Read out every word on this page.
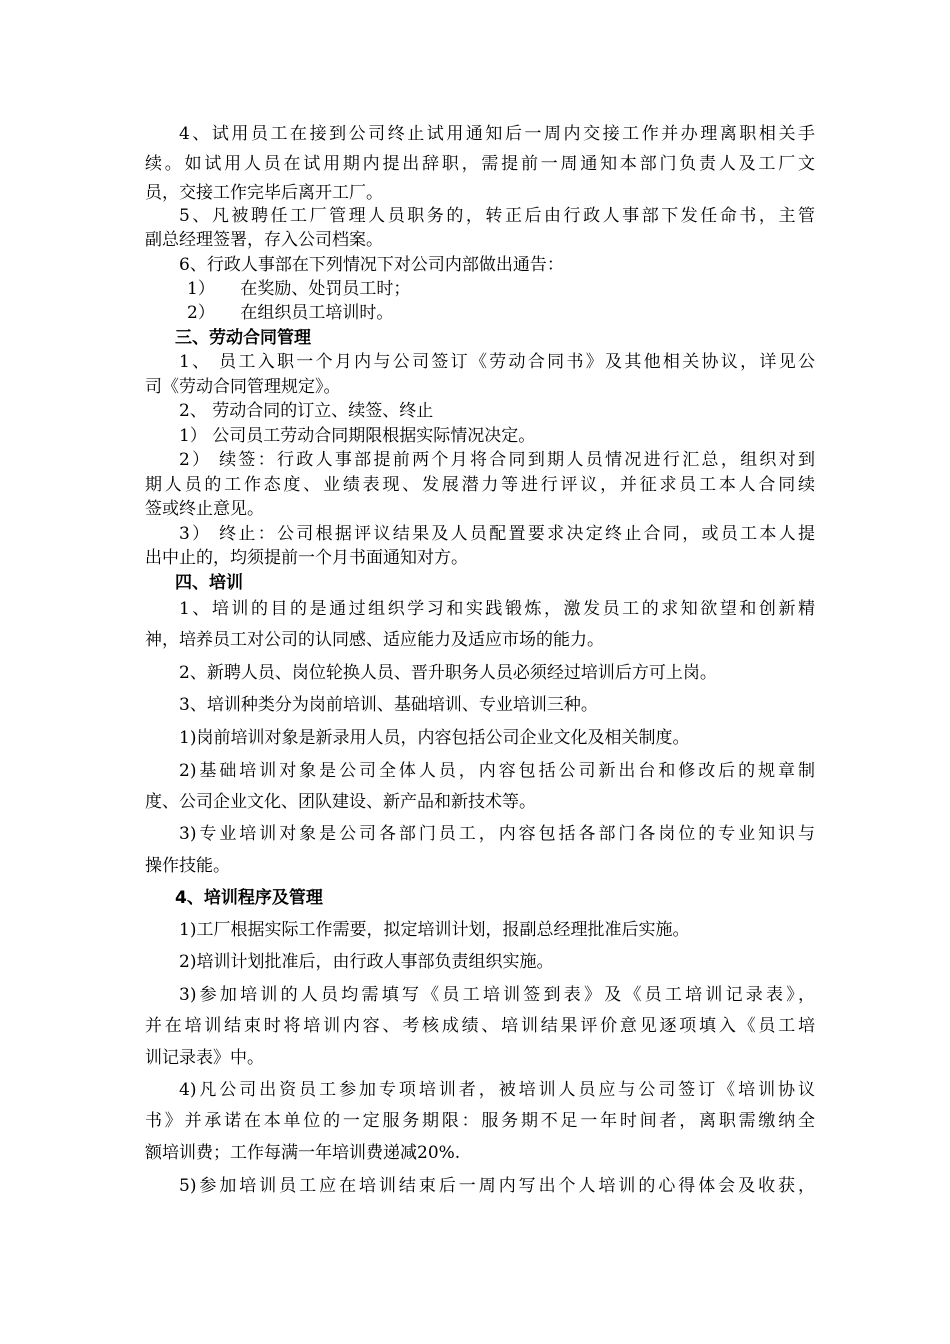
4、试用员工在接到公司终止试用通知后一周内交接工作并办理离职相关手
续。如试用人员在试用期内提出辞职，需提前一周通知本部门负责人及工厂文
员，交接工作完毕后离开工厂。
5、凡被聘任工厂管理人员职务的，转正后由行政人事部下发任命书，主管
副总经理签署，存入公司档案。
6、行政人事部在下列情况下对公司内部做出通告：
1）　　在奖励、处罚员工时；
2）　　在组织员工培训时。
三、劳动合同管理
1、 员工入职一个月内与公司签订《劳动合同书》及其他相关协议，详见公
司《劳动合同管理规定》。
2、 劳动合同的订立、续签、终止
1） 公司员工劳动合同期限根据实际情况决定。
2） 续签：行政人事部提前两个月将合同到期人员情况进行汇总，组织对到
期人员的工作态度、业绩表现、发展潜力等进行评议，并征求员工本人合同续
签或终止意见。
3） 终止：公司根据评议结果及人员配置要求决定终止合同，或员工本人提
出中止的，均须提前一个月书面通知对方。
四、培训
1、培训的目的是通过组织学习和实践锻炼，激发员工的求知欲望和创新精
神，培养员工对公司的认同感、适应能力及适应市场的能力。
2、新聘人员、岗位轮换人员、晋升职务人员必须经过培训后方可上岗。
3、培训种类分为岗前培训、基础培训、专业培训三种。
1)岗前培训对象是新录用人员，内容包括公司企业文化及相关制度。
2)基础培训对象是公司全体人员，内容包括公司新出台和修改后的规章制
度、公司企业文化、团队建设、新产品和新技术等。
3)专业培训对象是公司各部门员工，内容包括各部门各岗位的专业知识与
操作技能。
4、培训程序及管理
1)工厂根据实际工作需要，拟定培训计划，报副总经理批准后实施。
2)培训计划批准后，由行政人事部负责组织实施。
3)参加培训的人员均需填写《员工培训签到表》及《员工培训记录表》，
并在培训结束时将培训内容、考核成绩、培训结果评价意见逐项填入《员工培
训记录表》中。
4)凡公司出资员工参加专项培训者，被培训人员应与公司签订《培训协议
书》并承诺在本单位的一定服务期限：服务期不足一年时间者，离职需缴纳全
额培训费；工作每满一年培训费递减20%.
5)参加培训员工应在培训结束后一周内写出个人培训的心得体会及收获，
